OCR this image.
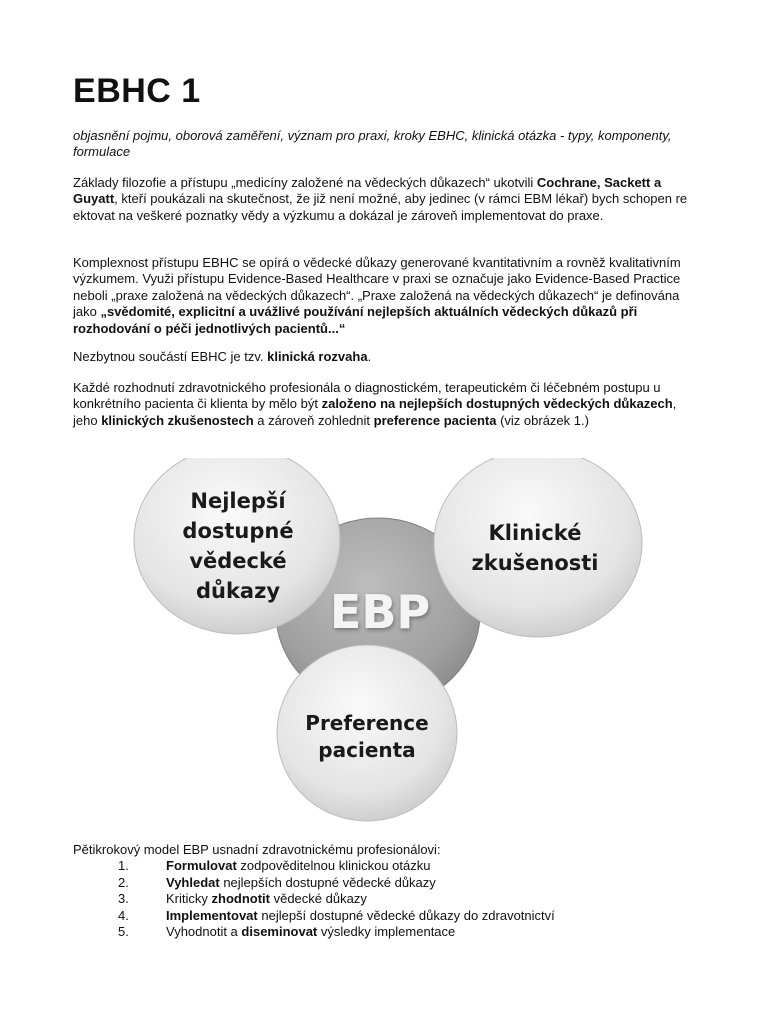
EBHC 1

objasnění pojmu, oborová zaměření, význam pro praxi, kroky EBHC, klinická otázka - typy, komponenty, formulace

Základy filozofie a přístupu „medicíny založené na vědeckých důkazech“ ukotvili Cochrane, Sackett a Guyatt, kteří poukázali na skutečnost, že již není možné, aby jedinec (v rámci EBM lékař) bych schopen re ektovat na veškeré poznatky vědy a výzkumu a dokázal je zároveň implementovat do praxe.

Komplexnost přístupu EBHC se opírá o vědecké důkazy generované kvantitativním a rovněž kvalitativním výzkumem. Využi přístupu Evidence-Based Healthcare v praxi se označuje jako Evidence-Based Practice neboli „praxe založená na vědeckých důkazech“. „Praxe založená na vědeckých důkazech“ je definována jako „svědomité, explicitní a uvážlivé používání nejlepších aktuálních vědeckých důkazů při rozhodování o péči jednotlivých pacientů...“

Nezbytnou součástí EBHC je tzv. klinická rozvaha.

Každé rozhodnutí zdravotnického profesionála o diagnostickém, terapeutickém či léčebném postupu u konkrétního pacienta či klienta by mělo být založeno na nejlepších dostupných vědeckých důkazech, jeho klinických zkušenostech a zároveň zohlednit preference pacienta (viz obrázek 1.)

EBP
Nejlepší
dostupné
vědecké
důkazy
Klinické
zkušenosti
Preference
pacienta

Pětikrokový model EBP usnadní zdravotnickému profesionálovi:

1.	Formulovat zodpověditelnou klinickou otázku
2.	Vyhledat nejlepších dostupné vědecké důkazy
3.	Kriticky zhodnotit vědecké důkazy
4.	Implementovat nejlepší dostupné vědecké důkazy do zdravotnictví
5.	Vyhodnotit a diseminovat výsledky implementace
